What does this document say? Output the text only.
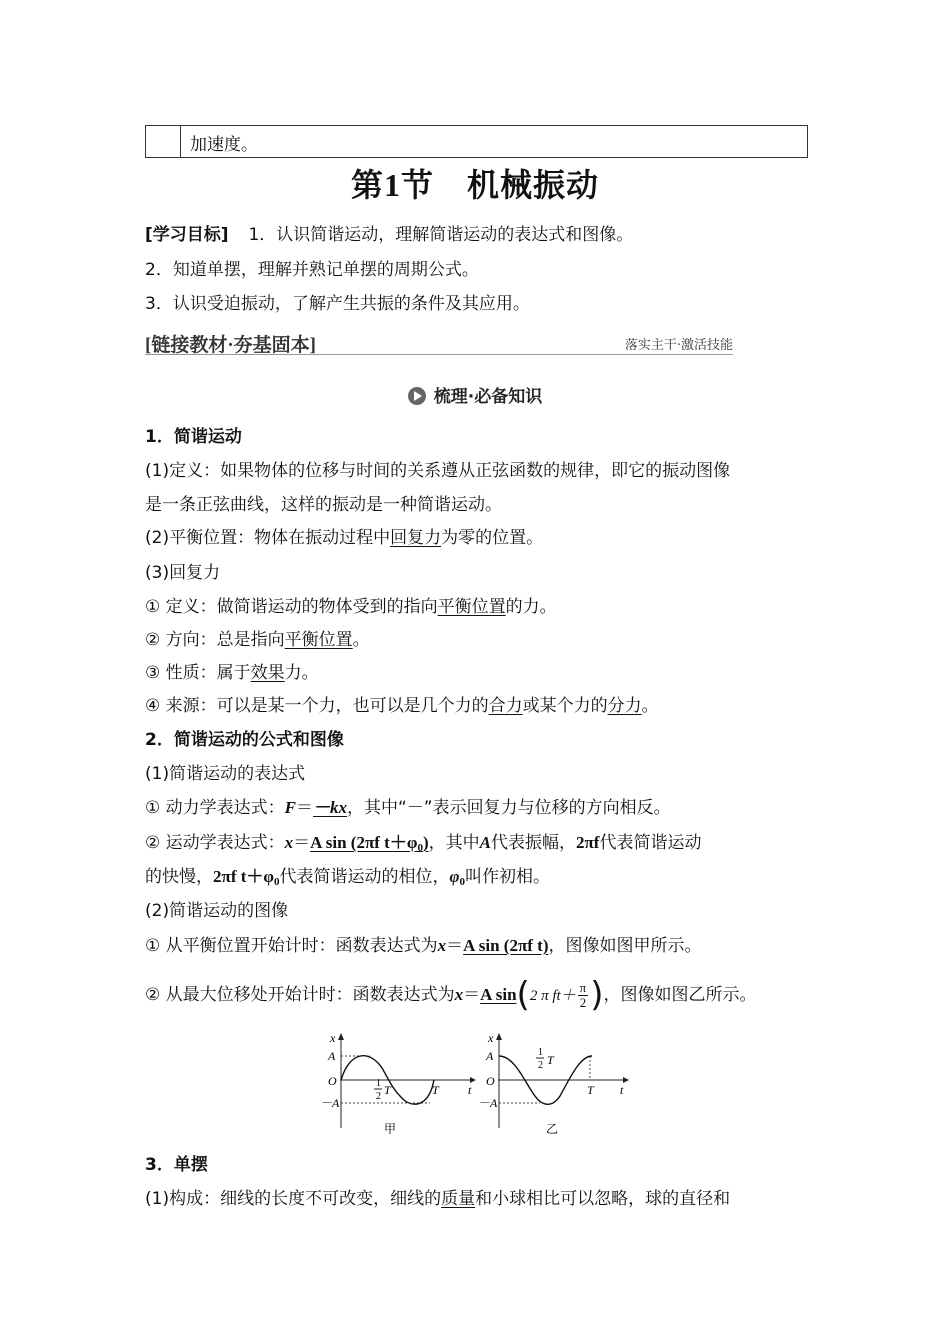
加速度。
第1节　机械振动
[学习目标] 1．认识简谐运动，理解简谐运动的表达式和图像。
2．知道单摆，理解并熟记单摆的周期公式。
3．认识受迫振动，了解产生共振的条件及其应用。
[链接教材·夯基固本]	落实主干·激活技能
梳理·必备知识
1．简谐运动
(1)定义：如果物体的位移与时间的关系遵从正弦函数的规律，即它的振动图像
是一条正弦曲线，这样的振动是一种简谐运动。
(2)平衡位置：物体在振动过程中回复力为零的位置。
(3)回复力
① 定义：做简谐运动的物体受到的指向平衡位置的力。
② 方向：总是指向平衡位置。
③ 性质：属于效果力。
④ 来源：可以是某一个力，也可以是几个力的合力或某个力的分力。
2．简谐运动的公式和图像
(1)简谐运动的表达式
① 动力学表达式：F＝－kx，其中“－”表示回复力与位移的方向相反。
② 运动学表达式：x＝A sin (2πf $t+\varphi_0$)，其中A代表振幅，2πf代表简谐运动
的快慢，2πf $t+\varphi_0$代表简谐运动的相位，$\varphi_0$叫作初相。
(2)简谐运动的图像
① 从平衡位置开始计时：函数表达式为x＝A sin (2πf t)，图像如图甲所示。
② 从最大位移处开始计时：函数表达式为x＝A sin(2 π $ft+ \frac{\pi}{2}$ )，图像如图乙所示。
x
t
A
－A
O	1
2 T	T
甲
x
t
A
－A
O
1
2 T
T
乙
3．单摆
(1)构成：细线的长度不可改变，细线的质量和小球相比可以忽略，球的直径和
